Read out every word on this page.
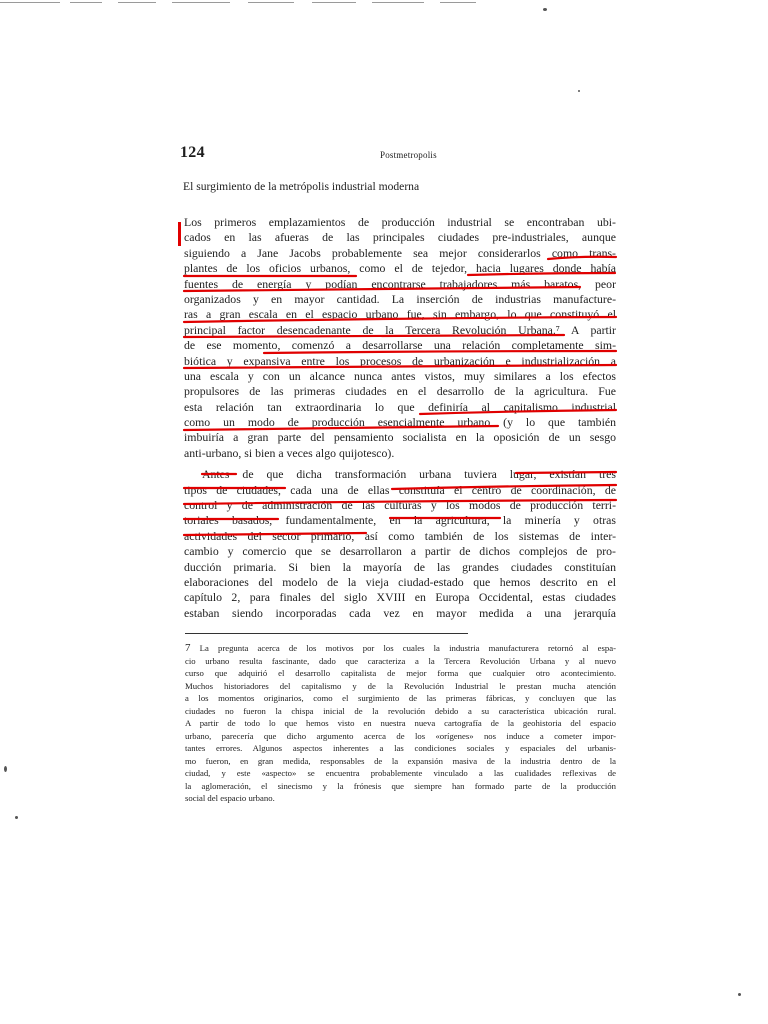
124	Postmetropolis
El surgimiento de la metrópolis industrial moderna
Los primeros emplazamientos de producción industrial se encontraban ubi-
cados en las afueras de las principales ciudades pre-industriales, aunque
siguiendo a Jane Jacobs probablemente sea mejor considerarlos como trans-
plantes de los oficios urbanos, como el de tejedor, hacia lugares donde había
fuentes de energía y podían encontrarse trabajadores más baratos, peor
organizados y en mayor cantidad. La inserción de industrias manufacture-
ras a gran escala en el espacio urbano fue, sin embargo, lo que constituyó el
principal factor desencadenante de la Tercera Revolución Urbana.⁷ A partir
de ese momento, comenzó a desarrollarse una relación completamente sim-
biótica y expansiva entre los procesos de urbanización e industrialización a
una escala y con un alcance nunca antes vistos, muy similares a los efectos
propulsores de las primeras ciudades en el desarrollo de la agricultura. Fue
esta relación tan extraordinaria lo que definiría al capitalismo industrial
como un modo de producción esencialmente urbano (y lo que también
imbuiría a gran parte del pensamiento socialista en la oposición de un sesgo
anti-urbano, si bien a veces algo quijotesco).
Antes de que dicha transformación urbana tuviera lugar, existían tres
tipos de ciudades, cada una de ellas constituía el centro de coordinación, de
control y de administración de las culturas y los modos de producción terri-
toriales basados, fundamentalmente, en la agricultura, la minería y otras
actividades del sector primario, así como también de los sistemas de inter-
cambio y comercio que se desarrollaron a partir de dichos complejos de pro-
ducción primaria. Si bien la mayoría de las grandes ciudades constituían
elaboraciones del modelo de la vieja ciudad-estado que hemos descrito en el
capítulo 2, para finales del siglo XVIII en Europa Occidental, estas ciudades
estaban siendo incorporadas cada vez en mayor medida a una jerarquía
7 La pregunta acerca de los motivos por los cuales la industria manufacturera retornó al espa-
cio urbano resulta fascinante, dado que caracteriza a la Tercera Revolución Urbana y al nuevo
curso que adquirió el desarrollo capitalista de mejor forma que cualquier otro acontecimiento.
Muchos historiadores del capitalismo y de la Revolución Industrial le prestan mucha atención
a los momentos originarios, como el surgimiento de las primeras fábricas, y concluyen que las
ciudades no fueron la chispa inicial de la revolución debido a su característica ubicación rural.
A partir de todo lo que hemos visto en nuestra nueva cartografía de la geohistoria del espacio
urbano, parecería que dicho argumento acerca de los «orígenes» nos induce a cometer impor-
tantes errores. Algunos aspectos inherentes a las condiciones sociales y espaciales del urbanis-
mo fueron, en gran medida, responsables de la expansión masiva de la industria dentro de la
ciudad, y este «aspecto» se encuentra probablemente vinculado a las cualidades reflexivas de
la aglomeración, el sinecismo y la frónesis que siempre han formado parte de la producción
social del espacio urbano.
